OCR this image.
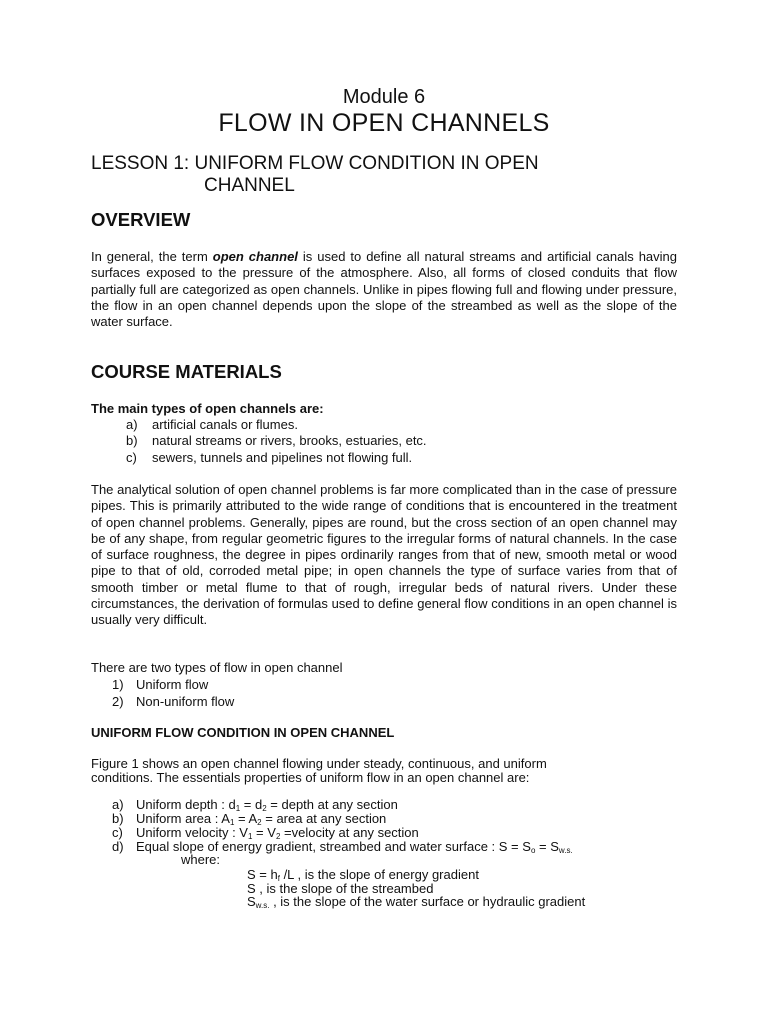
Module 6
FLOW IN OPEN CHANNELS
LESSON 1: UNIFORM FLOW CONDITION IN OPEN
CHANNEL
OVERVIEW

In general, the term open channel is used to define all natural streams and artificial canals having surfaces exposed to the pressure of the atmosphere. Also, all forms of closed conduits that flow partially full are categorized as open channels. Unlike in pipes flowing full and flowing under pressure, the flow in an open channel depends upon the slope of the streambed as well as the slope of the water surface.

COURSE MATERIALS
The main types of open channels are:
a) artificial canals or flumes.
b) natural streams or rivers, brooks, estuaries, etc.
c) sewers, tunnels and pipelines not flowing full.

The analytical solution of open channel problems is far more complicated than in the case of pressure pipes. This is primarily attributed to the wide range of conditions that is encountered in the treatment of open channel problems. Generally, pipes are round, but the cross section of an open channel may be of any shape, from regular geometric figures to the irregular forms of natural channels. In the case of surface roughness, the degree in pipes ordinarily ranges from that of new, smooth metal or wood pipe to that of old, corroded metal pipe; in open channels the type of surface varies from that of smooth timber or metal flume to that of rough, irregular beds of natural rivers. Under these circumstances, the derivation of formulas used to define general flow conditions in an open channel is usually very difficult.

There are two types of flow in open channel
1) Uniform flow
2) Non-uniform flow
UNIFORM FLOW CONDITION IN OPEN CHANNEL
Figure 1 shows an open channel flowing under steady, continuous, and uniform
conditions. The essentials properties of uniform flow in an open channel are:
a) Uniform depth : $d_1 = d_2$ = depth at any section
b) Uniform area : $A_1 = A_2$ = area at any section
c) Uniform velocity : $V_1 = V_2$ =velocity at any section
d) Equal slope of energy gradient, streambed and water surface : $S = S_o = S_{w.s.}$
where:
$S = h_f$ /L , is the slope of energy gradient
S , is the slope of the streambed
$S_{w.s.}$ , is the slope of the water surface or hydraulic gradient
